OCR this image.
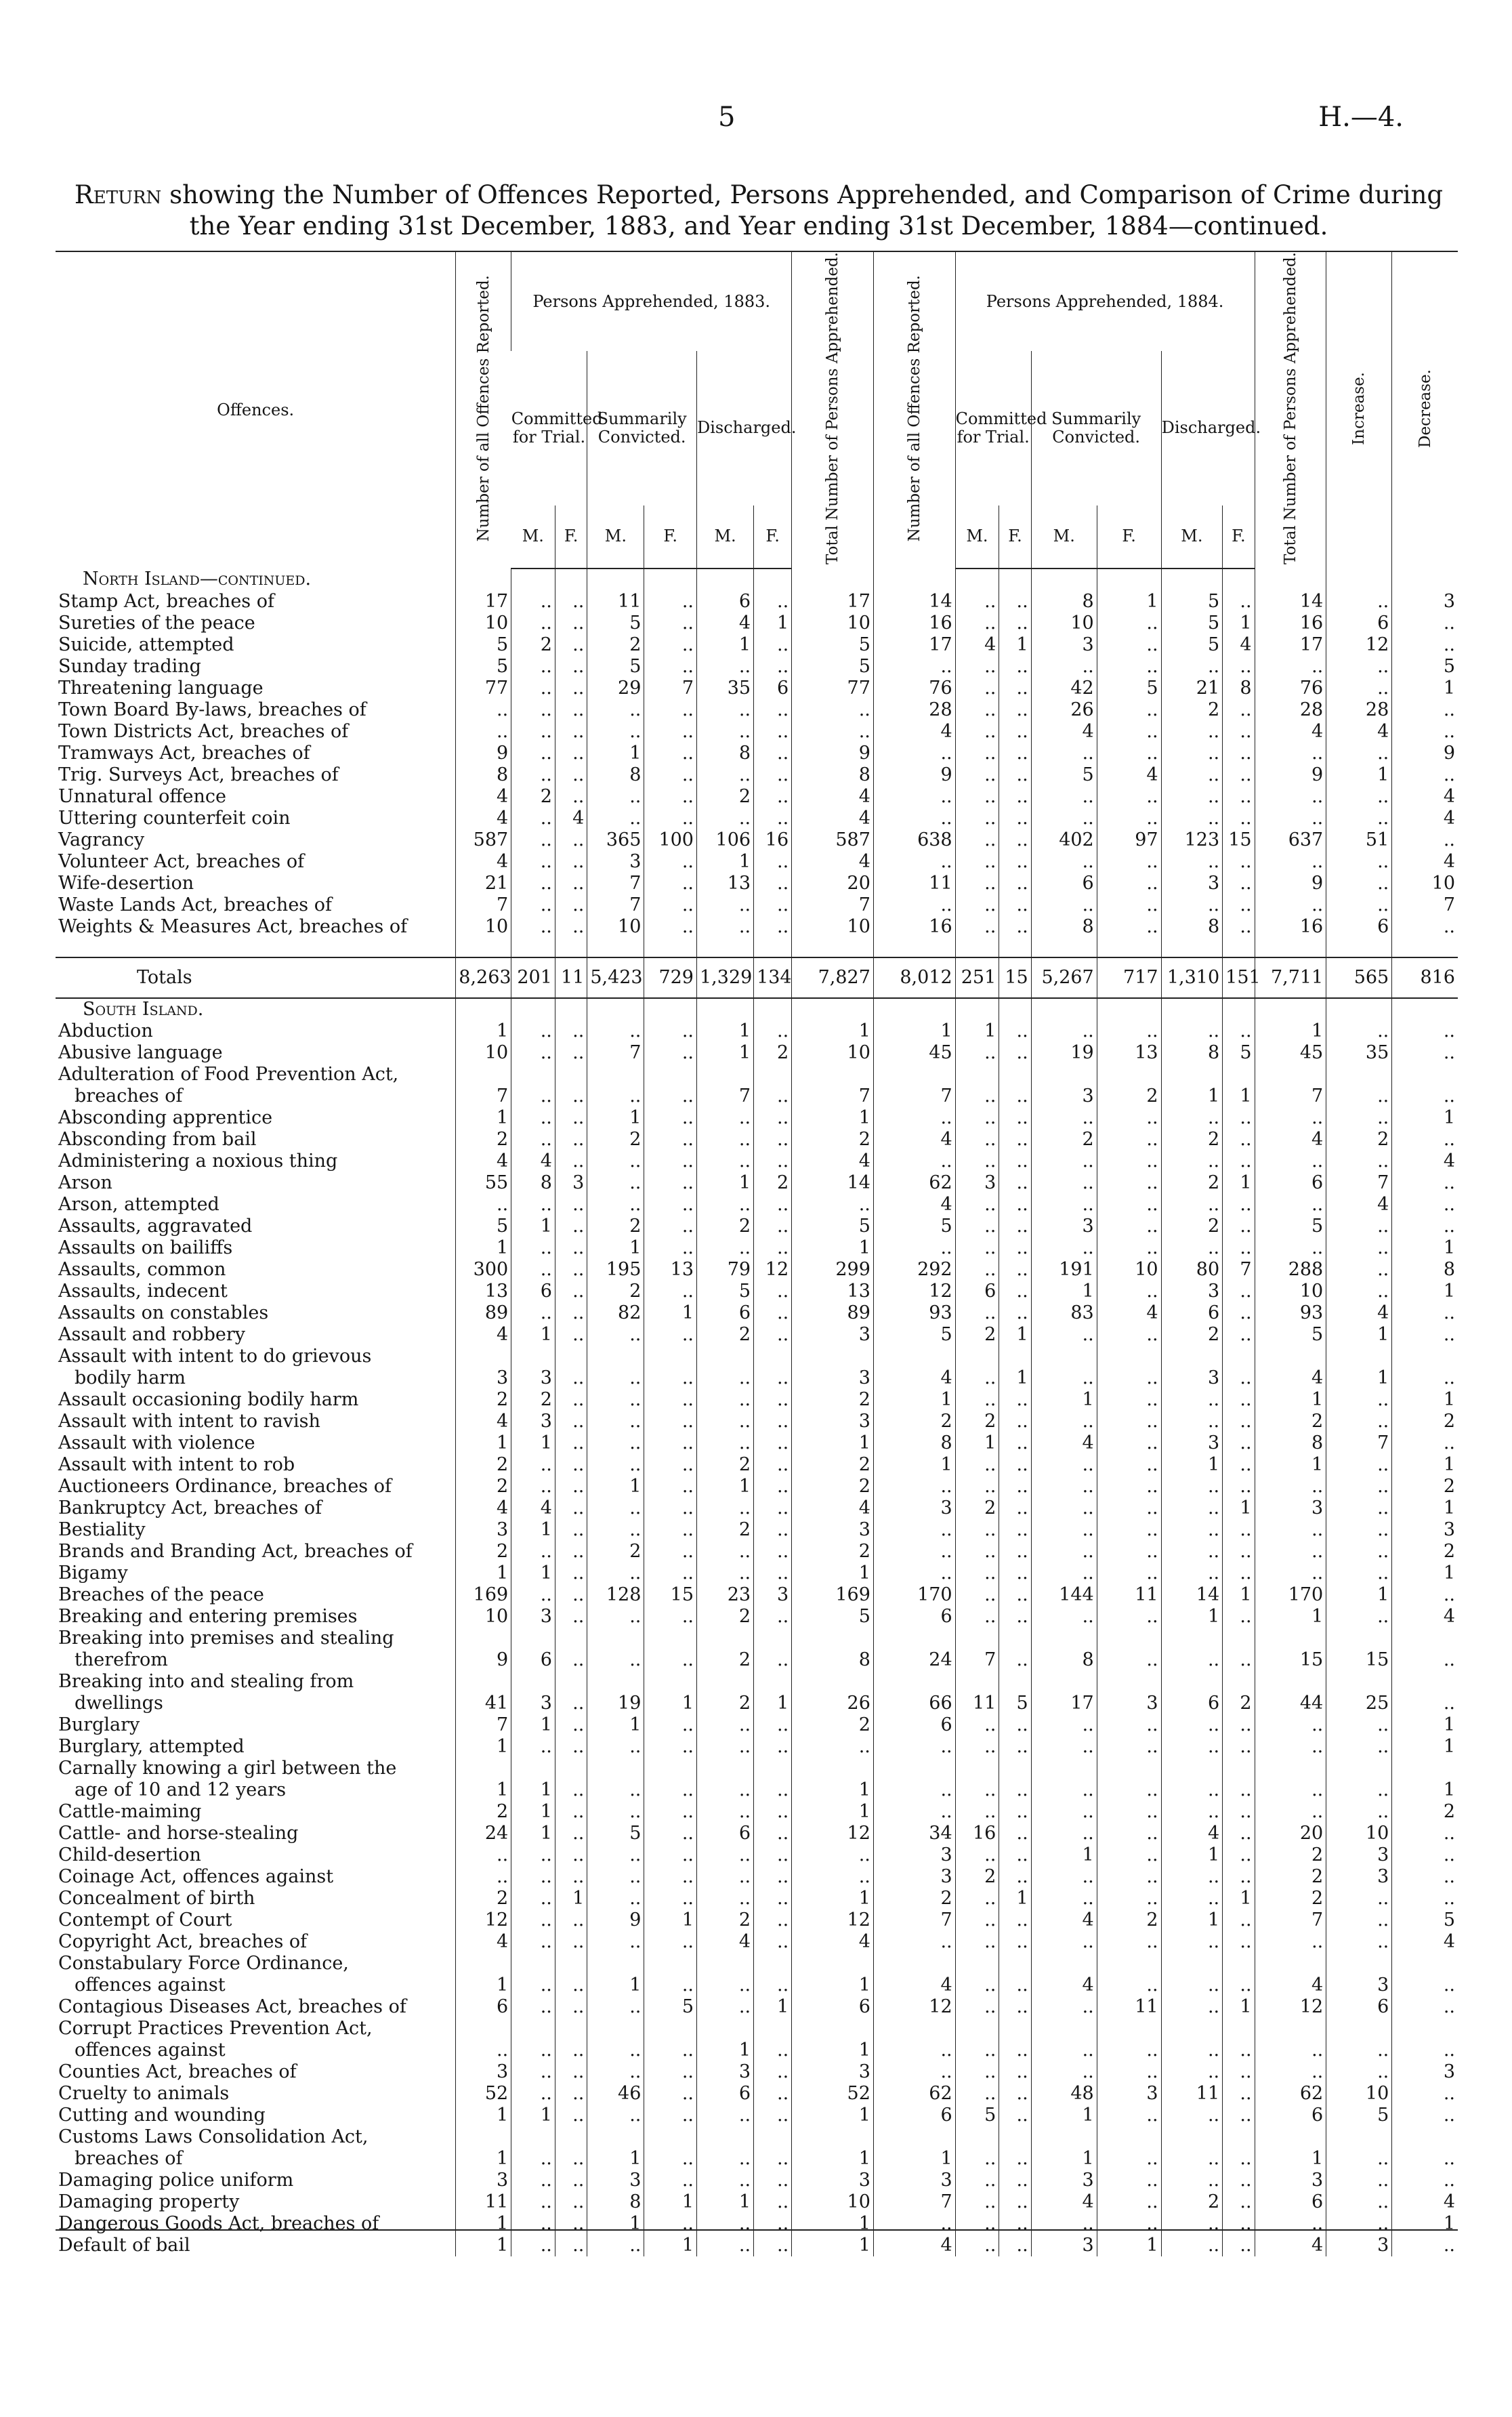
5	H.—4.
Return showing the Number of Offences Reported, Persons Apprehended, and Comparison of Crime during
the Year ending 31st December, 1883, and Year ending 31st December, 1884—continued.
Offences.	Number of all Offences Reported.	Persons Apprehended, 1883.						Total Number of Persons Apprehended.	Number of all Offences Reported.	Persons Apprehended, 1884.						Total Number of Persons Apprehended.	Increase.	Decrease.
		Committed for Trial.		Summarily Convicted.		Discharged.				Committed for Trial.		Summarily Convicted.		Discharged.				
		M.	F.	M.	F.	M.	F.			M.	F.	M.	F.	M.	F.			
North Island—continued.																		
Stamp Act, breaches of	17	..	..	11	..	6	..	17	14	..	..	8	1	5	..	14	..	3
Sureties of the peace	10	..	..	5	..	4	1	10	16	..	..	10	..	5	1	16	6	..
Suicide, attempted	5	2	..	2	..	1	..	5	17	4	1	3	..	5	4	17	12	..
Sunday trading	5	..	..	5	..	..	..	5	..	..	..	..	..	..	..	..	..	5
Threatening language	77	..	..	29	7	35	6	77	76	..	..	42	5	21	8	76	..	1
Town Board By-laws, breaches of	..	..	..	..	..	..	..	..	28	..	..	26	..	2	..	28	28	..
Town Districts Act, breaches of	..	..	..	..	..	..	..	..	4	..	..	4	..	..	..	4	4	..
Tramways Act, breaches of	9	..	..	1	..	8	..	9	..	..	..	..	..	..	..	..	..	9
Trig. Surveys Act, breaches of	8	..	..	8	..	..	..	8	9	..	..	5	4	..	..	9	1	..
Unnatural offence	4	2	..	..	..	2	..	4	..	..	..	..	..	..	..	..	..	4
Uttering counterfeit coin	4	..	4	..	..	..	..	4	..	..	..	..	..	..	..	..	..	4
Vagrancy	587	..	..	365	100	106	16	587	638	..	..	402	97	123	15	637	51	..
Volunteer Act, breaches of	4	..	..	3	..	1	..	4	..	..	..	..	..	..	..	..	..	4
Wife-desertion	21	..	..	7	..	13	..	20	11	..	..	6	..	3	..	9	..	10
Waste Lands Act, breaches of	7	..	..	7	..	..	..	7	..	..	..	..	..	..	..	..	..	7
Weights & Measures Act, breaches of	10	..	..	10	..	..	..	10	16	..	..	8	..	8	..	16	6	..

Totals	8,263	201	11	5,423	729	1,329	134	7,827	8,012	251	15	5,267	717	1,310	151	7,711	565	816
South Island.																		
Abduction	1	..	..	..	..	1	..	1	1	1	..	..	..	..	..	1	..	..
Abusive language	10	..	..	7	..	1	2	10	45	..	..	19	13	8	5	45	35	..
Adulteration of Food Prevention Act,																		
breaches of	7	..	..	..	..	7	..	7	7	..	..	3	2	1	1	7	..	..
Absconding apprentice	1	..	..	1	..	..	..	1	..	..	..	..	..	..	..	..	..	1
Absconding from bail	2	..	..	2	..	..	..	2	4	..	..	2	..	2	..	4	2	..
Administering a noxious thing	4	4	..	..	..	..	..	4	..	..	..	..	..	..	..	..	..	4
Arson	55	8	3	..	..	1	2	14	62	3	..	..	..	2	1	6	7	..
Arson, attempted	..	..	..	..	..	..	..	..	4	..	..	..	..	..	..	..	4	..
Assaults, aggravated	5	1	..	2	..	2	..	5	5	..	..	3	..	2	..	5	..	..
Assaults on bailiffs	1	..	..	1	..	..	..	1	..	..	..	..	..	..	..	..	..	1
Assaults, common	300	..	..	195	13	79	12	299	292	..	..	191	10	80	7	288	..	8
Assaults, indecent	13	6	..	2	..	5	..	13	12	6	..	1	..	3	..	10	..	1
Assaults on constables	89	..	..	82	1	6	..	89	93	..	..	83	4	6	..	93	4	..
Assault and robbery	4	1	..	..	..	2	..	3	5	2	1	..	..	2	..	5	1	..
Assault with intent to do grievous																		
bodily harm	3	3	..	..	..	..	..	3	4	..	1	..	..	3	..	4	1	..
Assault occasioning bodily harm	2	2	..	..	..	..	..	2	1	..	..	1	..	..	..	1	..	1
Assault with intent to ravish	4	3	..	..	..	..	..	3	2	2	..	..	..	..	..	2	..	2
Assault with violence	1	1	..	..	..	..	..	1	8	1	..	4	..	3	..	8	7	..
Assault with intent to rob	2	..	..	..	..	2	..	2	1	..	..	..	..	1	..	1	..	1
Auctioneers Ordinance, breaches of	2	..	..	1	..	1	..	2	..	..	..	..	..	..	..	..	..	2
Bankruptcy Act, breaches of	4	4	..	..	..	..	..	4	3	2	..	..	..	..	1	3	..	1
Bestiality	3	1	..	..	..	2	..	3	..	..	..	..	..	..	..	..	..	3
Brands and Branding Act, breaches of	2	..	..	2	..	..	..	2	..	..	..	..	..	..	..	..	..	2
Bigamy	1	1	..	..	..	..	..	1	..	..	..	..	..	..	..	..	..	1
Breaches of the peace	169	..	..	128	15	23	3	169	170	..	..	144	11	14	1	170	1	..
Breaking and entering premises	10	3	..	..	..	2	..	5	6	..	..	..	..	1	..	1	..	4
Breaking into premises and stealing																		
therefrom	9	6	..	..	..	2	..	8	24	7	..	8	..	..	..	15	15	..
Breaking into and stealing from																		
dwellings	41	3	..	19	1	2	1	26	66	11	5	17	3	6	2	44	25	..
Burglary	7	1	..	1	..	..	..	2	6	..	..	..	..	..	..	..	..	1
Burglary, attempted	1	..	..	..	..	..	..	..	..	..	..	..	..	..	..	..	..	1
Carnally knowing a girl between the																		
age of 10 and 12 years	1	1	..	..	..	..	..	1	..	..	..	..	..	..	..	..	..	1
Cattle-maiming	2	1	..	..	..	..	..	1	..	..	..	..	..	..	..	..	..	2
Cattle- and horse-stealing	24	1	..	5	..	6	..	12	34	16	..	..	..	4	..	20	10	..
Child-desertion	..	..	..	..	..	..	..	..	3	..	..	1	..	1	..	2	3	..
Coinage Act, offences against	..	..	..	..	..	..	..	..	3	2	..	..	..	..	..	2	3	..
Concealment of birth	2	..	1	..	..	..	..	1	2	..	1	..	..	..	1	2	..	..
Contempt of Court	12	..	..	9	1	2	..	12	7	..	..	4	2	1	..	7	..	5
Copyright Act, breaches of	4	..	..	..	..	4	..	4	..	..	..	..	..	..	..	..	..	4
Constabulary Force Ordinance,																		
offences against	1	..	..	1	..	..	..	1	4	..	..	4	..	..	..	4	3	..
Contagious Diseases Act, breaches of	6	..	..	..	5	..	1	6	12	..	..	..	11	..	1	12	6	..
Corrupt Practices Prevention Act,																		
offences against	..	..	..	..	..	1	..	1	..	..	..	..	..	..	..	..	..	..
Counties Act, breaches of	3	..	..	..	..	3	..	3	..	..	..	..	..	..	..	..	..	3
Cruelty to animals	52	..	..	46	..	6	..	52	62	..	..	48	3	11	..	62	10	..
Cutting and wounding	1	1	..	..	..	..	..	1	6	5	..	1	..	..	..	6	5	..
Customs Laws Consolidation Act,																		
breaches of	1	..	..	1	..	..	..	1	1	..	..	1	..	..	..	1	..	..
Damaging police uniform	3	..	..	3	..	..	..	3	3	..	..	3	..	..	..	3	..	..
Damaging property	11	..	..	8	1	1	..	10	7	..	..	4	..	2	..	6	..	4
Dangerous Goods Act, breaches of	1	..	..	1	..	..	..	1	..	..	..	..	..	..	..	..	..	1
Default of bail	1	..	..	..	1	..	..	1	4	..	..	3	1	..	..	4	3	..
